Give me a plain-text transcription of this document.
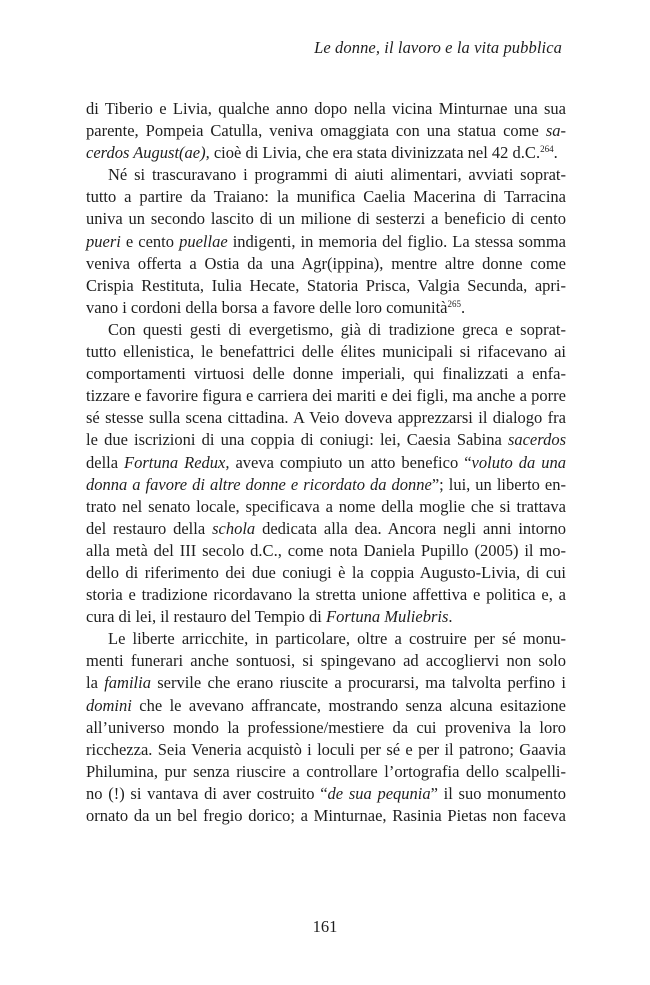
Le donne, il lavoro e la vita pubblica
di Tiberio e Livia, qualche anno dopo nella vicina Minturnae una sua
parente, Pompeia Catulla, veniva omaggiata con una statua come sa-
cerdos August(ae), cioè di Livia, che era stata divinizzata nel 42 d.C.$^{264}$.
Né si trascuravano i programmi di aiuti alimentari, avviati soprat-
tutto a partire da Traiano: la munifica Caelia Macerina di Tarracina
univa un secondo lascito di un milione di sesterzi a beneficio di cento
pueri e cento puellae indigenti, in memoria del figlio. La stessa somma
veniva offerta a Ostia da una Agr(ippina), mentre altre donne come
Crispia Restituta, Iulia Hecate, Statoria Prisca, Valgia Secunda, apri-
vano i cordoni della borsa a favore delle loro comunità$^{265}$.
Con questi gesti di evergetismo, già di tradizione greca e soprat-
tutto ellenistica, le benefattrici delle élites municipali si rifacevano ai
comportamenti virtuosi delle donne imperiali, qui finalizzati a enfa-
tizzare e favorire figura e carriera dei mariti e dei figli, ma anche a porre
sé stesse sulla scena cittadina. A Veio doveva apprezzarsi il dialogo fra
le due iscrizioni di una coppia di coniugi: lei, Caesia Sabina sacerdos
della Fortuna Redux, aveva compiuto un atto benefico “voluto da una
donna a favore di altre donne e ricordato da donne”; lui, un liberto en-
trato nel senato locale, specificava a nome della moglie che si trattava
del restauro della schola dedicata alla dea. Ancora negli anni intorno
alla metà del III secolo d.C., come nota Daniela Pupillo (2005) il mo-
dello di riferimento dei due coniugi è la coppia Augusto-Livia, di cui
storia e tradizione ricordavano la stretta unione affettiva e politica e, a
cura di lei, il restauro del Tempio di Fortuna Muliebris.
Le liberte arricchite, in particolare, oltre a costruire per sé monu-
menti funerari anche sontuosi, si spingevano ad accogliervi non solo
la familia servile che erano riuscite a procurarsi, ma talvolta perfino i
domini che le avevano affrancate, mostrando senza alcuna esitazione
all’universo mondo la professione/mestiere da cui proveniva la loro
ricchezza. Seia Veneria acquistò i loculi per sé e per il patrono; Gaavia
Philumina, pur senza riuscire a controllare l’ortografia dello scalpelli-
no (!) si vantava di aver costruito “de sua pequnia” il suo monumento
ornato da un bel fregio dorico; a Minturnae, Rasinia Pietas non faceva
161
